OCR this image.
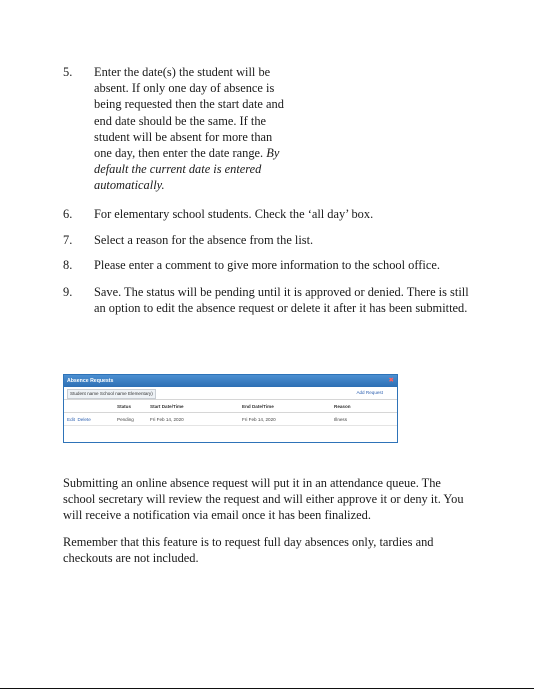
5. Enter the date(s) the student will be absent. If only one day of absence is being requested then the start date and end date should be the same. If the student will be absent for more than one day, then enter the date range. By default the current date is entered automatically.
6. For elementary school students. Check the ‘all day’ box.
7. Select a reason for the absence from the list.
8. Please enter a comment to give more information to the school office.
9. Save. The status will be pending until it is approved or denied. There is still an option to edit the absence request or delete it after it has been submitted.
Absence Requests	✖
Student name School name Elementary)	Add Request
	Status	Start Date/Time	End Date/Time	Reason
Edit Delete	Pending	Fri Feb 14, 2020	Fri Feb 14, 2020	Illness

Submitting an online absence request will put it in an attendance queue. The school secretary will review the request and will either approve it or deny it. You will receive a notification via email once it has been finalized.

Remember that this feature is to request full day absences only, tardies and checkouts are not included.
